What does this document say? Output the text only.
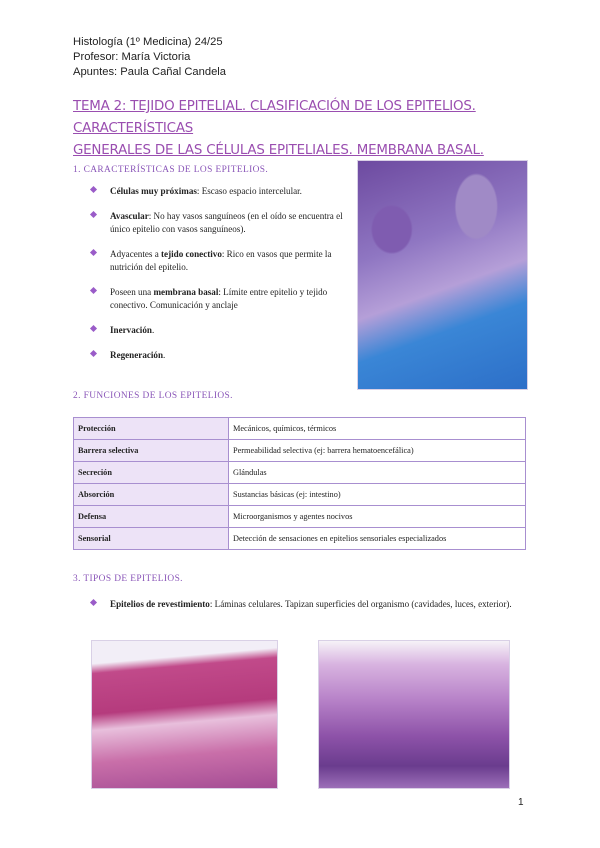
Histología (1º Medicina) 24/25
Profesor: María Victoria
Apuntes: Paula Cañal Candela
TEMA 2: TEJIDO EPITELIAL. CLASIFICACIÓN DE LOS EPITELIOS. CARACTERÍSTICAS
GENERALES DE LAS CÉLULAS EPITELIALES. MEMBRANA BASAL.
1. CARACTERÍSTICAS DE LOS EPITELIOS.
Células muy próximas: Escaso espacio intercelular.
Avascular: No hay vasos sanguíneos (en el oído se encuentra el único epitelio con vasos sanguíneos).
Adyacentes a tejido conectivo: Rico en vasos que permite la nutrición del epitelio.
Poseen una membrana basal: Límite entre epitelio y tejido conectivo. Comunicación y anclaje
Inervación.
Regeneración.
2. FUNCIONES DE LOS EPITELIOS.
Protección	Mecánicos, químicos, térmicos
Barrera selectiva	Permeabilidad selectiva (ej: barrera hematoencefálica)
Secreción	Glándulas
Absorción	Sustancias básicas (ej: intestino)
Defensa	Microorganismos y agentes nocivos
Sensorial	Detección de sensaciones en epitelios sensoriales especializados
3. TIPOS DE EPITELIOS.
Epitelios de revestimiento: Láminas celulares. Tapizan superficies del organismo (cavidades, luces, exterior).
1
